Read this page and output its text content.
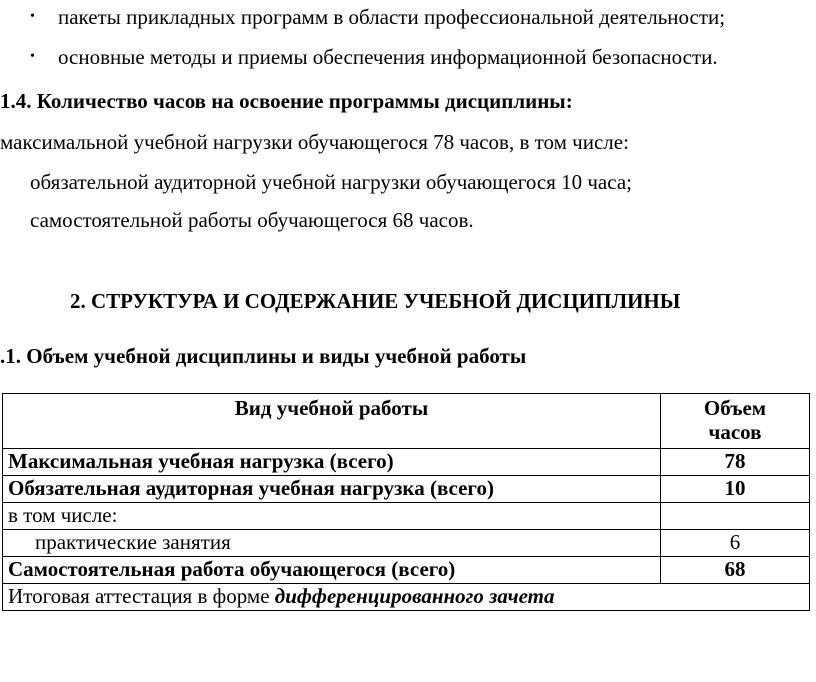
• пакеты прикладных программ в области профессиональной деятельности;
• основные методы и приемы обеспечения информационной безопасности.
1.4. Количество часов на освоение программы дисциплины:
максимальной учебной нагрузки обучающегося 78 часов, в том числе:
обязательной аудиторной учебной нагрузки обучающегося 10 часа;
самостоятельной работы обучающегося 68 часов.
2. СТРУКТУРА И СОДЕРЖАНИЕ УЧЕБНОЙ ДИСЦИПЛИНЫ
.1. Объем учебной дисциплины и виды учебной работы
Вид учебной работы	Объем
часов

Максимальная учебная нагрузка (всего)	78
Обязательная аудиторная учебная нагрузка (всего)	10
в том числе:	
практические занятия	6
Самостоятельная работа обучающегося (всего)	68
Итоговая аттестация в форме дифференцированного зачета	
